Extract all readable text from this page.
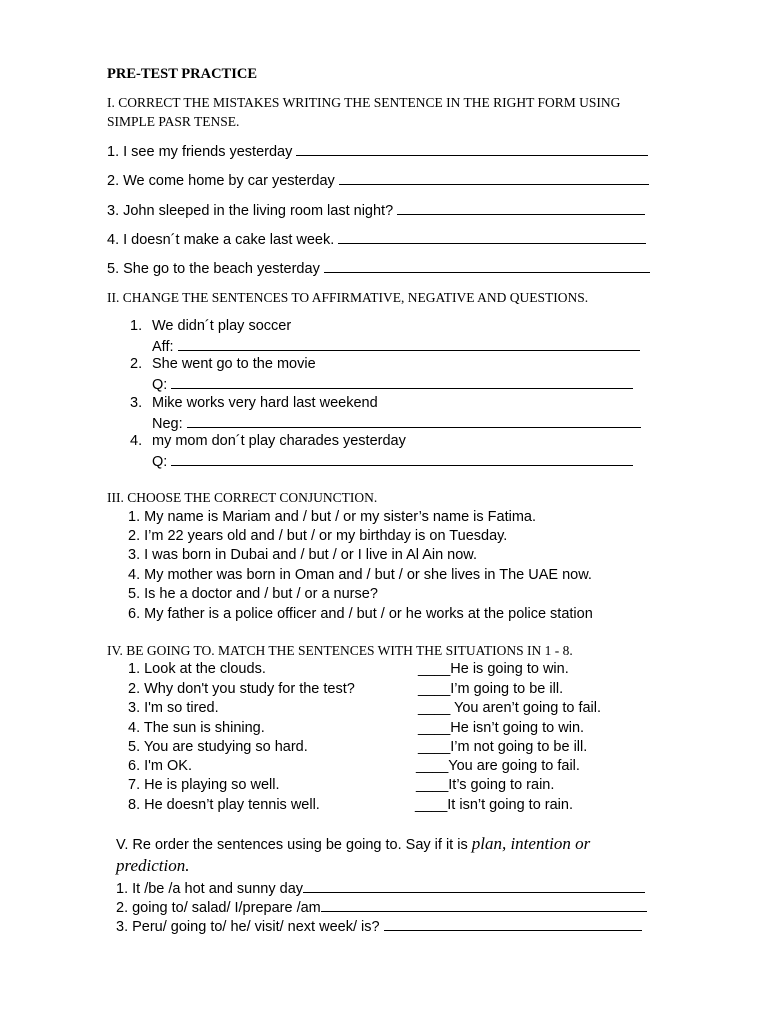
PRE-TEST PRACTICE
I. CORRECT THE MISTAKES WRITING THE SENTENCE IN THE RIGHT FORM USING
SIMPLE PASR TENSE.
1. I see my friends yesterday
2. We come home by car yesterday
3. John sleeped in the living room last night?
4. I doesn´t make a cake last week.
5. She go to the beach yesterday
II. CHANGE THE SENTENCES TO AFFIRMATIVE, NEGATIVE AND QUESTIONS.
1. We didn´t play soccer
Aff:
2. She went go to the movie
Q:
3. Mike works very hard last weekend
Neg:
4. my mom don´t play charades yesterday
Q:
III. CHOOSE THE CORRECT CONJUNCTION.
1. My name is Mariam and / but / or my sister’s name is Fatima.
2. I’m 22 years old and / but / or my birthday is on Tuesday.
3. I was born in Dubai and / but / or I live in Al Ain now.
4. My mother was born in Oman and / but / or she lives in The UAE now.
5. Is he a doctor and / but / or a nurse?
6. My father is a police officer and / but / or he works at the police station
IV. BE GOING TO. MATCH THE SENTENCES WITH THE SITUATIONS IN 1 - 8.
1. Look at the clouds.
2. Why don't you study for the test?
3. I'm so tired.
4. The sun is shining.
5. You are studying so hard.
6. I'm OK.
7. He is playing so well.
8. He doesn’t play tennis well.
____He is going to win.
____I’m going to be ill.
____ You aren’t going to fail.
____He isn’t going to win.
____I’m not going to be ill.
____You are going to fail.
____It’s going to rain.
____It isn’t going to rain.
V. Re order the sentences using be going to. Say if it is plan, intention or
prediction.
1. It /be /a hot and sunny day
2. going to/ salad/ I/prepare /am
3. Peru/ going to/ he/ visit/ next week/ is?
